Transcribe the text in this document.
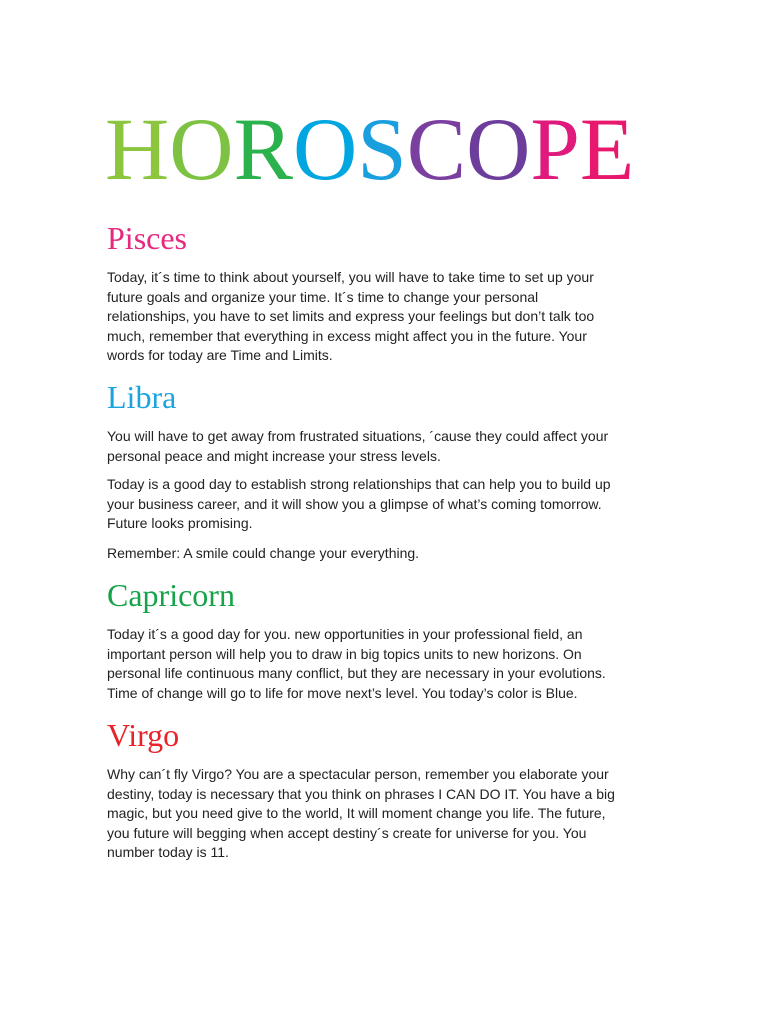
HOROSCOPE
Pisces
Today, it´s time to think about yourself, you will have to take time to set up your
future goals and organize your time. It´s time to change your personal
relationships, you have to set limits and express your feelings but don’t talk too
much, remember that everything in excess might affect you in the future. Your
words for today are Time and Limits.
Libra
You will have to get away from frustrated situations, ´cause they could affect your
personal peace and might increase your stress levels.
Today is a good day to establish strong relationships that can help you to build up
your business career, and it will show you a glimpse of what’s coming tomorrow.
Future looks promising.
Remember: A smile could change your everything.
Capricorn
Today it´s a good day for you. new opportunities in your professional field, an
important person will help you to draw in big topics units to new horizons. On
personal life continuous many conflict, but they are necessary in your evolutions.
Time of change will go to life for move next’s level. You today’s color is Blue.
Virgo
Why can´t fly Virgo? You are a spectacular person, remember you elaborate your
destiny, today is necessary that you think on phrases I CAN DO IT. You have a big
magic, but you need give to the world, It will moment change you life. The future,
you future will begging when accept destiny´s create for universe for you. You
number today is 11.
